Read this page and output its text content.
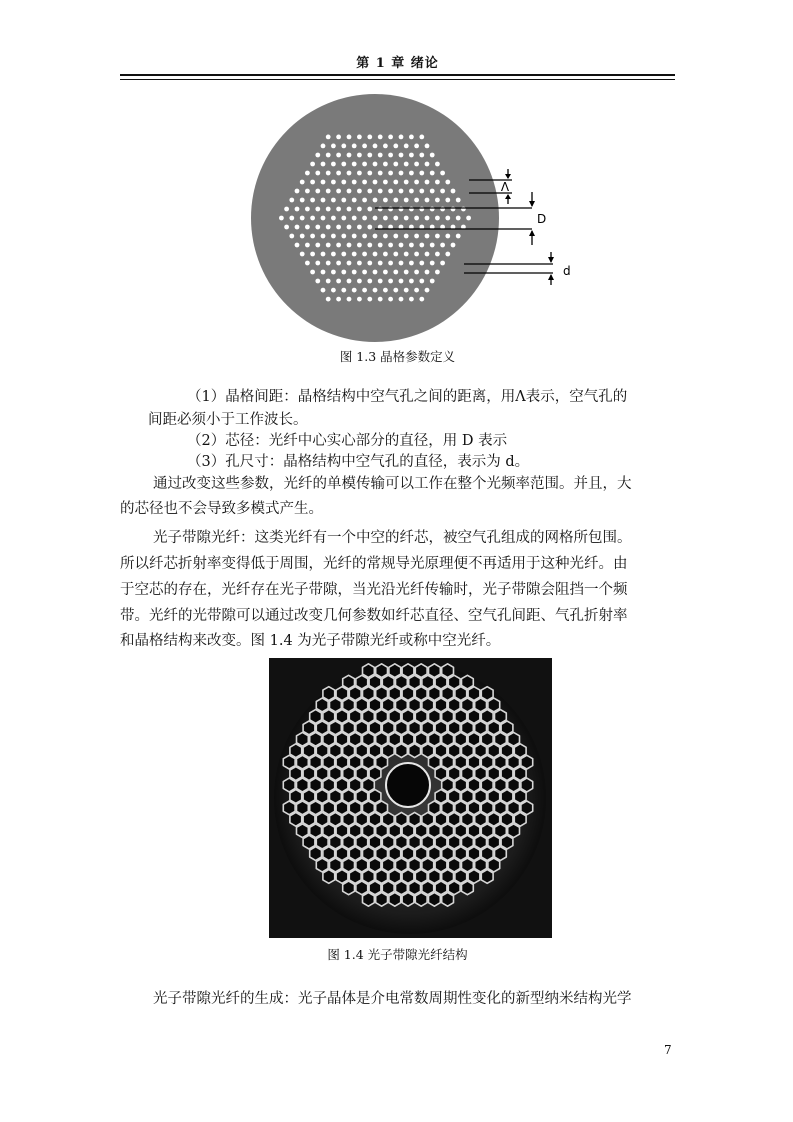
第 1 章 绪论
Λ
D
d
图 1.3 晶格参数定义

（1）晶格间距：晶格结构中空气孔之间的距离，用Λ表示，空气孔的

间距必须小于工作波长。

（2）芯径：光纤中心实心部分的直径，用 D 表示

（3）孔尺寸：晶格结构中空气孔的直径，表示为 d。

通过改变这些参数，光纤的单模传输可以工作在整个光频率范围。并且，大

的芯径也不会导致多模式产生。

光子带隙光纤：这类光纤有一个中空的纤芯，被空气孔组成的网格所包围。

所以纤芯折射率变得低于周围，光纤的常规导光原理便不再适用于这种光纤。由

于空芯的存在，光纤存在光子带隙，当光沿光纤传输时，光子带隙会阻挡一个频

带。光纤的光带隙可以通过改变几何参数如纤芯直径、空气孔间距、气孔折射率

和晶格结构来改变。图 1.4 为光子带隙光纤或称中空光纤。

图 1.4 光子带隙光纤结构

光子带隙光纤的生成：光子晶体是介电常数周期性变化的新型纳米结构光学

7
